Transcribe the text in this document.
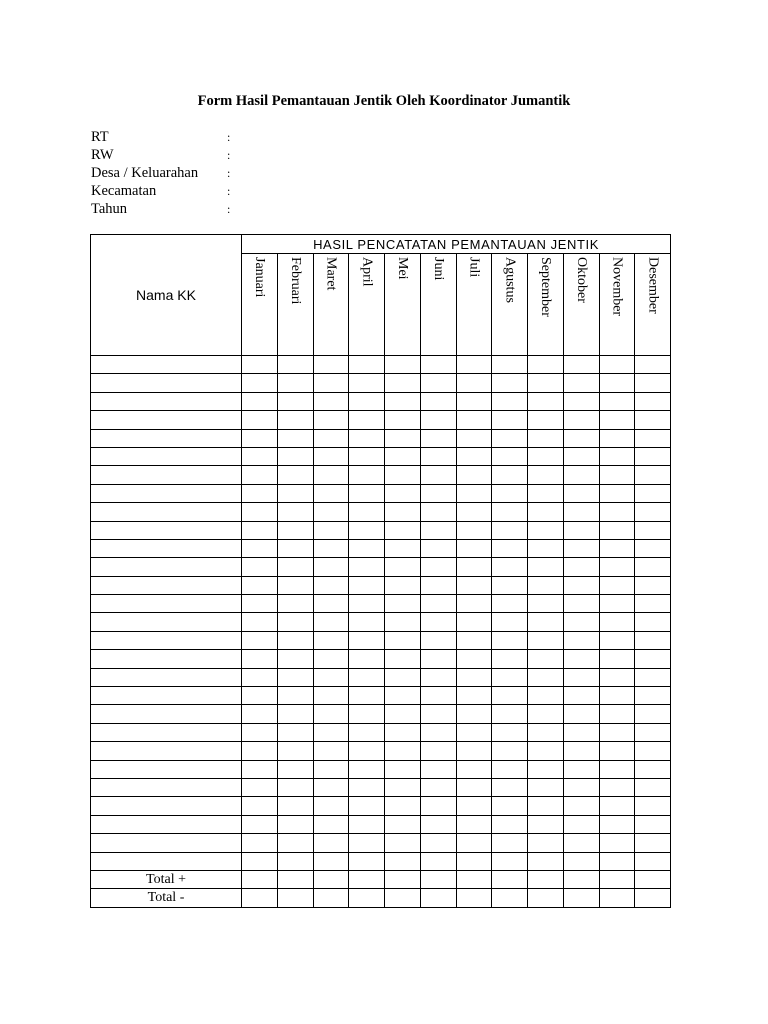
Form Hasil Pemantauan Jentik Oleh Koordinator Jumantik
RT	:
RW	:
Desa / Keluarahan :
Kecamatan	:
Tahun	:
Nama KK	HASIL PENCATATAN PEMANTAUAN JENTIK											

	Januari	Februari	Maret	April	Mei	Juni	Juli	Agustus	September	Oktober	November	Desember

Total +												
Total -												
